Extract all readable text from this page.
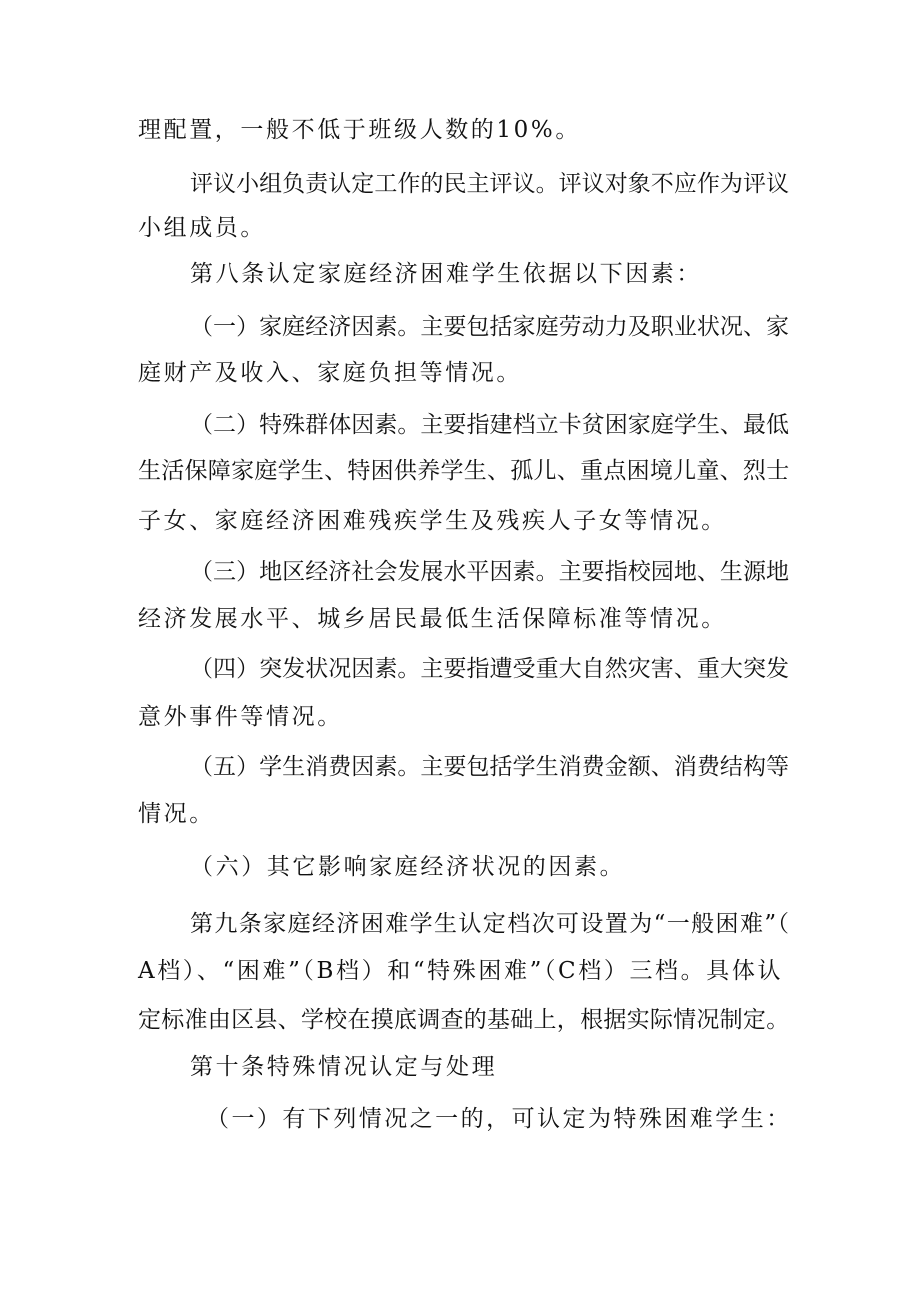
理配置，一般不低于班级人数的10%。
评议小组负责认定工作的民主评议。评议对象不应作为评议
小组成员。
第八条认定家庭经济困难学生依据以下因素：
（一）家庭经济因素。主要包括家庭劳动力及职业状况、家
庭财产及收入、家庭负担等情况。
（二）特殊群体因素。主要指建档立卡贫困家庭学生、最低
生活保障家庭学生、特困供养学生、孤儿、重点困境儿童、烈士
子女、家庭经济困难残疾学生及残疾人子女等情况。
（三）地区经济社会发展水平因素。主要指校园地、生源地
经济发展水平、城乡居民最低生活保障标准等情况。
（四）突发状况因素。主要指遭受重大自然灾害、重大突发
意外事件等情况。
（五）学生消费因素。主要包括学生消费金额、消费结构等
情况。
（六）其它影响家庭经济状况的因素。
第九条家庭经济困难学生认定档次可设置为“一般困难”（
A档）、“困难”（B档）和“特殊困难”（C档）三档。具体认
定标准由区县、学校在摸底调查的基础上，根据实际情况制定。
第十条特殊情况认定与处理
（一）有下列情况之一的，可认定为特殊困难学生：
